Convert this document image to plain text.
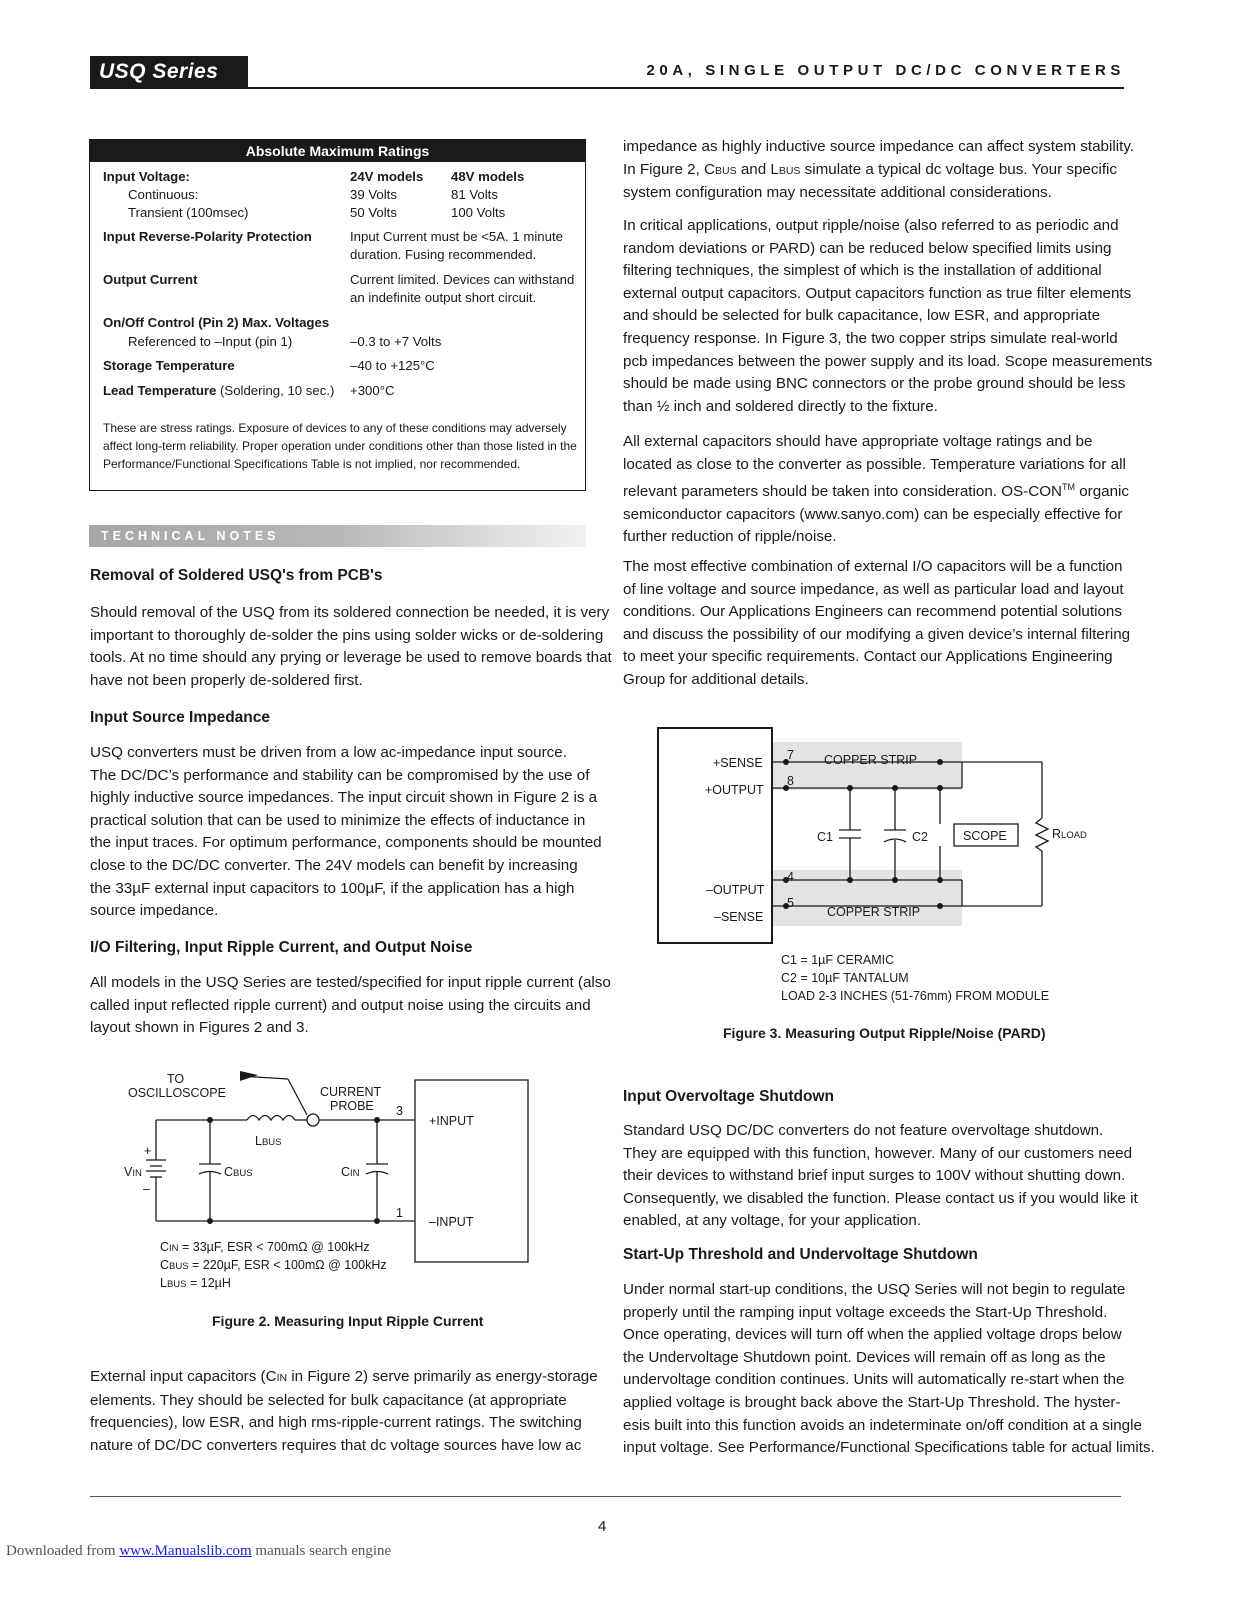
USQ Series	20A, SINGLE OUTPUT DC/DC CONVERTERS
Absolute Maximum Ratings
Input Voltage:	24V models 48V models
Continuous:	39 Volts	81 Volts
Transient (100msec)	50 Volts	100 Volts
Input Reverse-Polarity Protection	Input Current must be <5A. 1 minute
duration. Fusing recommended.
Output Current	Current limited. Devices can withstand
an indefinite output short circuit.
On/Off Control (Pin 2) Max. Voltages
Referenced to –Input (pin 1)	–0.3 to +7 Volts
Storage Temperature	–40 to +125°C
Lead Temperature (Soldering, 10 sec.) +300°C
These are stress ratings. Exposure of devices to any of these conditions may adversely
affect long-term reliability. Proper operation under conditions other than those listed in the
Performance/Functional Specifications Table is not implied, nor recommended.
TECHNICAL NOTES
Removal of Soldered USQ's from PCB's
Should removal of the USQ from its soldered connection be needed, it is very
important to thoroughly de-solder the pins using solder wicks or de-soldering
tools. At no time should any prying or leverage be used to remove boards that
have not been properly de-soldered first.
Input Source Impedance
USQ converters must be driven from a low ac-impedance input source.
The DC/DC’s performance and stability can be compromised by the use of
highly inductive source impedances. The input circuit shown in Figure 2 is a
practical solution that can be used to minimize the effects of inductance in
the input traces. For optimum performance, components should be mounted
close to the DC/DC converter. The 24V models can benefit by increasing
the 33µF external input capacitors to 100µF, if the application has a high
source impedance.
I/O Filtering, Input Ripple Current, and Output Noise
All models in the USQ Series are tested/specified for input ripple current (also
called input reflected ripple current) and output noise using the circuits and
layout shown in Figures 2 and 3.
TO
OSCILLOSCOPE	CURRENT
PROBE 3
1
+INPUT
–INPUT
+
–
VIN
LBUS
CBUS	CIN
CIN = 33µF, ESR < 700mΩ @ 100kHz
CBUS = 220µF, ESR < 100mΩ @ 100kHz
LBUS = 12µH
Figure 2. Measuring Input Ripple Current
External input capacitors (CIN in Figure 2) serve primarily as energy-storage
elements. They should be selected for bulk capacitance (at appropriate
frequencies), low ESR, and high rms-ripple-current ratings. The switching
nature of DC/DC converters requires that dc voltage sources have low ac
impedance as highly inductive source impedance can affect system stability.
In Figure 2, CBUS and LBUS simulate a typical dc voltage bus. Your specific
system configuration may necessitate additional considerations.
In critical applications, output ripple/noise (also referred to as periodic and
random deviations or PARD) can be reduced below specified limits using
filtering techniques, the simplest of which is the installation of additional
external output capacitors. Output capacitors function as true filter elements
and should be selected for bulk capacitance, low ESR, and appropriate
frequency response. In Figure 3, the two copper strips simulate real-world
pcb impedances between the power supply and its load. Scope measurements
should be made using BNC connectors or the probe ground should be less
than ½ inch and soldered directly to the fixture.
All external capacitors should have appropriate voltage ratings and be
located as close to the converter as possible. Temperature variations for all
relevant parameters should be taken into consideration. OS-CON™ organic
semiconductor capacitors (www.sanyo.com) can be especially effective for
further reduction of ripple/noise.
The most effective combination of external I/O capacitors will be a function
of line voltage and source impedance, as well as particular load and layout
conditions. Our Applications Engineers can recommend potential solutions
and discuss the possibility of our modifying a given device’s internal filtering
to meet your specific requirements. Contact our Applications Engineering
Group for additional details.
+SENSE
+OUTPUT
–OUTPUT
–SENSE
7
8
4
5
COPPER STRIP
COPPER STRIP
C1	C2	SCOPE	RLOAD
C1 = 1µF CERAMIC
C2 = 10µF TANTALUM
LOAD 2-3 INCHES (51-76mm) FROM MODULE
Figure 3. Measuring Output Ripple/Noise (PARD)
Input Overvoltage Shutdown
Standard USQ DC/DC converters do not feature overvoltage shutdown.
They are equipped with this function, however. Many of our customers need
their devices to withstand brief input surges to 100V without shutting down.
Consequently, we disabled the function. Please contact us if you would like it
enabled, at any voltage, for your application.
Start-Up Threshold and Undervoltage Shutdown
Under normal start-up conditions, the USQ Series will not begin to regulate
properly until the ramping input voltage exceeds the Start-Up Threshold.
Once operating, devices will turn off when the applied voltage drops below
the Undervoltage Shutdown point. Devices will remain off as long as the
undervoltage condition continues. Units will automatically re-start when the
applied voltage is brought back above the Start-Up Threshold. The hyster-
esis built into this function avoids an indeterminate on/off condition at a single
input voltage. See Performance/Functional Specifications table for actual limits.
4
Downloaded from www.Manualslib.com manuals search engine
